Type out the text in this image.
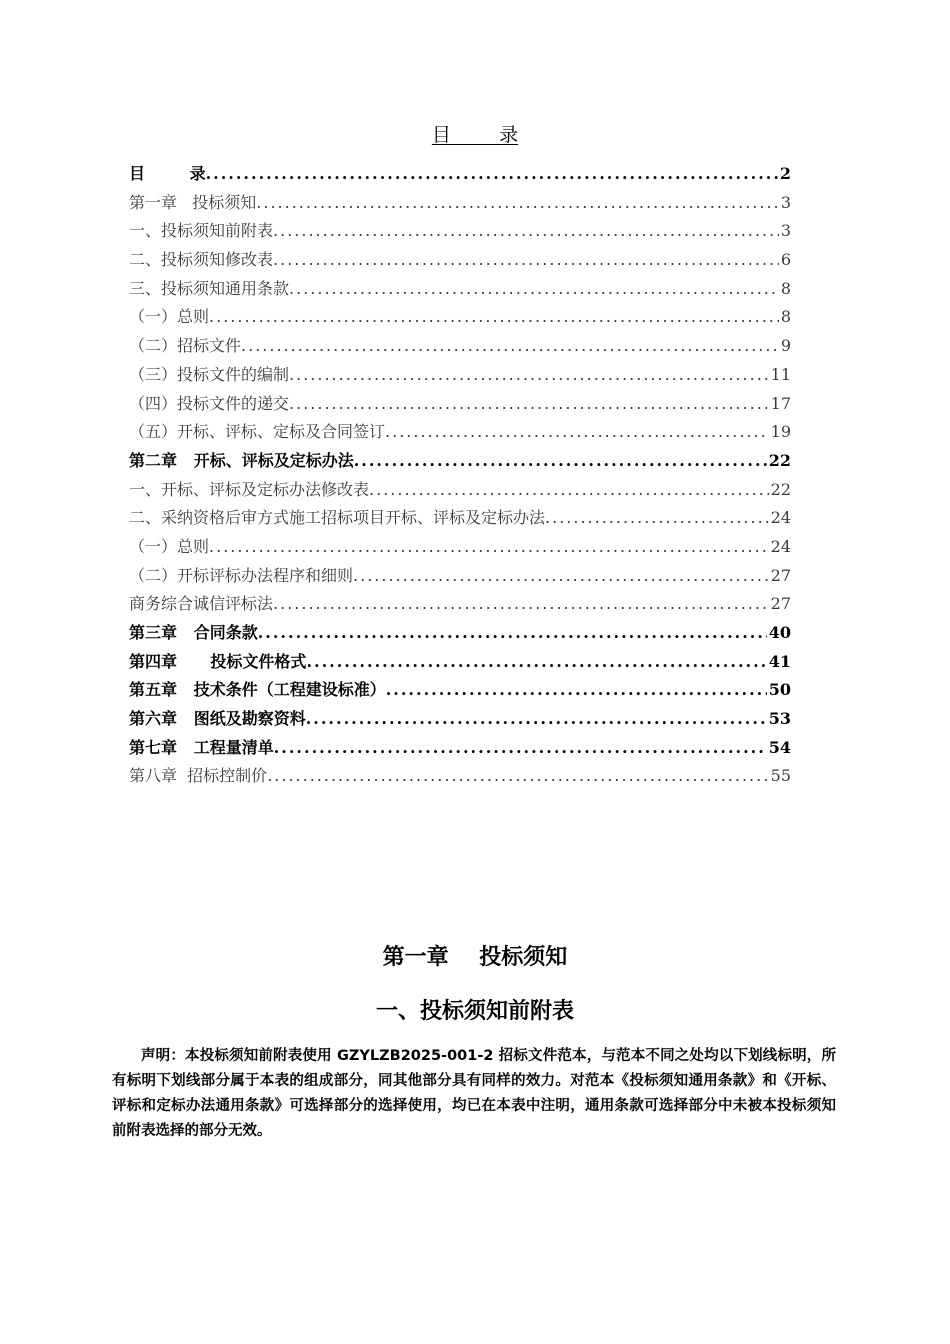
目        录
目        录 .....	2
第一章   投标须知 .....	3
一、投标须知前附表 .....	3
二、投标须知修改表 .....	6
三、投标须知通用条款 .....	8
（一）总则 .....	8
（二）招标文件 .....	9
（三）投标文件的编制 .....	11
（四）投标文件的递交 .....	17
（五）开标、评标、定标及合同签订 .....	19
第二章   开标、评标及定标办法 .....	22
一、开标、评标及定标办法修改表 .....	22
二、采纳资格后审方式施工招标项目开标、评标及定标办法 .....	24
（一）总则 .....	24
（二）开标评标办法程序和细则 .....	27
商务综合诚信评标法 .....	27
第三章   合同条款 .....	40
第四章      投标文件格式 .....	41
第五章   技术条件（工程建设标准） .....	50
第六章   图纸及勘察资料 .....	53
第七章   工程量清单 .....	54
第八章  招标控制价 .....	55
第一章    投标须知
一、投标须知前附表
声明：本投标须知前附表使用 GZYLZB2025-001-2 招标文件范本，与范本不同之处均以下划线标明，所有标明下划线部分属于本表的组成部分，同其他部分具有同样的效力。对范本《投标须知通用条款》和《开标、评标和定标办法通用条款》可选择部分的选择使用，均已在本表中注明，通用条款可选择部分中未被本投标须知前附表选择的部分无效。
